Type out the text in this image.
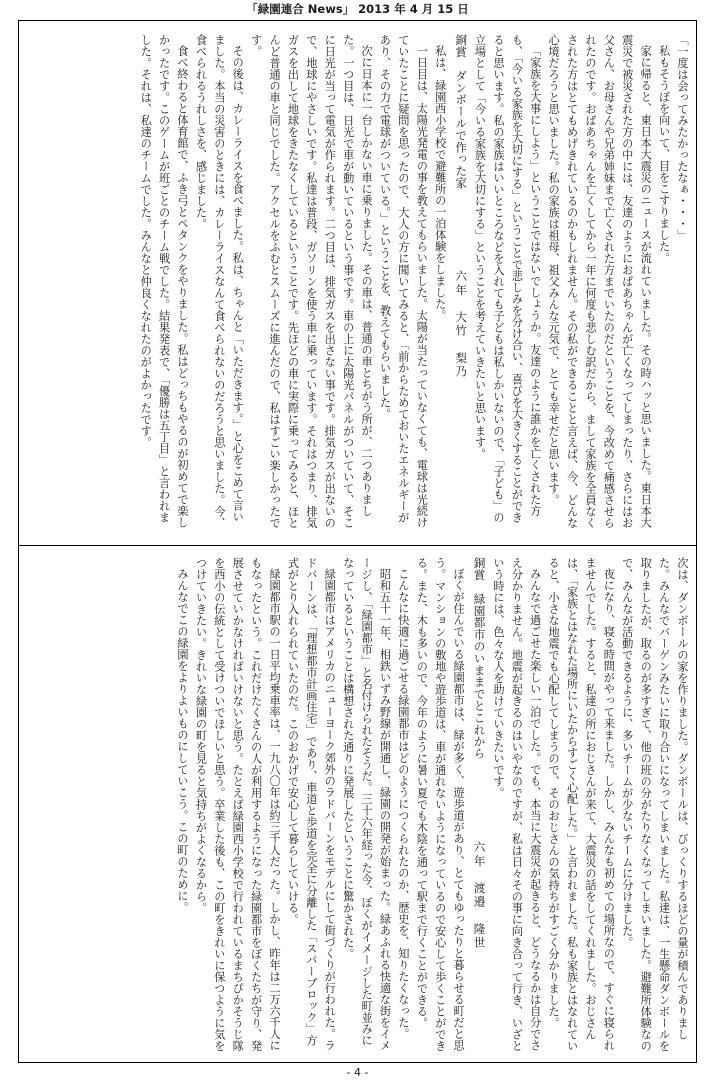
「緑園連合 News」 2013 年 4 月 15 日

「一度は会ってみたかったなぁ・・・」

私もそうぼを向いて、目をこすりました。

家に帰ると、東日本大震災のニュースが流れていました。その時ハッと思いました。東日本大震災で被災された方の中には、友達のようにおばあちゃんが亡くなってしまったり、さらにはお父さん、お母さんや兄弟姉妹まで亡くされた方までいたのだということを、今改めて痛感させられたのです。おばあちゃんを亡くしてから一年に何度も悲しむ訳だから、まして家族を全員なくされた方はとてもめげきれているのかもしれません。その私ができることと言えば、今、どんな心境だろうと思いました。私の家族は祖母、祖父みんな元気で、とても幸せだと思います。

「家族を大事にしよう」ということではないでしょうか。友達のように誰かを亡くされた方も、「今いる家族を大切にする」ということで悲しみを分け合い、喜びを大きくすることができると思います。私の家族はいいところなどを入れても子どもは私しかいないので、「子ども」の立場として「今いる家族を大切にする」ということを考えていきたいと思います。

銅賞　ダンボールで作った家六年　大竹　梨乃

私は、緑園西小学校で避難所の一泊体験をしました。

一日目は、太陽光発電の事を教えてもらいました。太陽が当たっていなくても、電球は光続けていたことに疑問を思ったので、大人の方に聞いてみると、「前からためておいたエネルギーがあり、その力で電球がついている。」ということを、教えてもらいました。

次に日本に一台しかない車に乗りました。その車は、普通の車とちがう所が、二つありました。一つ目は、日光で車が動いているという事です。車の上に太陽光パネルがついていて、そこに日光が当って電気が作られます。二つ目は、排気ガスを出さない事です。排気ガスが出ないので、地球にやさしいです。私達は普段、ガソリンを使う車に乗っています。それはつまり、排気ガスを出して地球をきたなくしているということです。先ほどの車に実際に乗ってみると、ほとんど普通の車と同じでした。アクセルをふむとスムーズに進んだので、私はすごい楽しかったです。

その後は、カレーライスを食べました。私は、ちゃんと「いただきます。」と心をこめて言いました。本当の災害のときには、カレーライスなんて食べられないのだろうと思いました。今、食べられるうれしさを、感じました。

食べ終わると体育館で、ふき弓とペタンクをやりました。私はどっちもやるのが初めてで楽しかったです。このゲームが班ごとのチーム戦でした。結果発表で、「優勝は五丁目」と言われました。それは、私達のチームでした。みんなと仲良くなれたのがよかったです。

次は、ダンボールの家を作りました。ダンボールは、びっくりするほどの量が積んでありました。みんなでバーゲンみたいに取り合いになってしまいました。私達は、一生懸命ダンボールを取りましたが、取るのが多すぎて、他の班の分がたりなくなってしまいました。避難所体験なので、みんなが活動できるように、多いチームが少ないチームに分けました。

夜になり、寝る時間がやって来ました。しかし、みんなも初めての場所なので、すぐに寝られませんでした。すると、私達の所におじさんが来て、大震災の話をしてくれました。おじさんは、「家族とはなれた場所にいたからすごく心配した。」と言われました。私も家族とはなれていると、小さな地震でも心配してしまうので、そのおじさんの気持ちがすごく分かりました。

みんなで過ごせた楽しい一泊でした。でも、本当に大震災が起きると、どうなるかは自分でさえ分かりません。地震が起きるのはいやなのですが、私は日々その事に向き合って行き、いざという時には、色々な人を助けていきたいです。

銅賞　緑園都市のいままでとこれから六年　渡邉　隆世

ぼくが住んでいる緑園都市は、緑が多く、遊歩道があり、とてもゆったりと暮らせる町だと思う。マンションの敷地や遊歩道は、車が通れないようになっているので安心して歩くことができる。また、木も多いので、今年のように暑い夏でも木陰を通って駅まで行くことができる。

こんなに快適に過ごせる緑園都市はどのようにつくられたのか、歴史を、知りたくなった。

昭和五十一年、相鉄いずみ野線が開通し、緑園の開発が始まった。緑あふれる快適な街をイメージし、「緑園都市」と名付けられたそうだ。三十六年経った今、ぼくがイメージした町並みになっているということは構想された通りに発展したということに驚かされた。

緑園都市はアメリカのニューヨーク郊外のラドバーンをモデルにして街づくりが行われた。ラドバーンは、「理想都市計画住宅」であり、車道と歩道を完全に分離した「スパーブロック」方式がとり入れられていたのだ。このおかげで安心して暮らしていける。

緑園都市駅の一日平均乗車率は、一九八〇年は約三千人だった。しかし、昨年は二万六千人にもなったという。これだけたくさんの人が利用するようになった緑園都市をぼくたちが守り、発展させていかなければいけないと思う。たとえば緑園西小学校で行われているまちぴかそうじ隊を西小の伝統として受けついでほしいと思う。卒業した後も、この町をきれいに保つように気をつけていきたい。きれいな緑園の町を見ると気持ちがよくなるから。

みんなでこの緑園をよりよいものにしていこう。この町のために。

- 4 -
